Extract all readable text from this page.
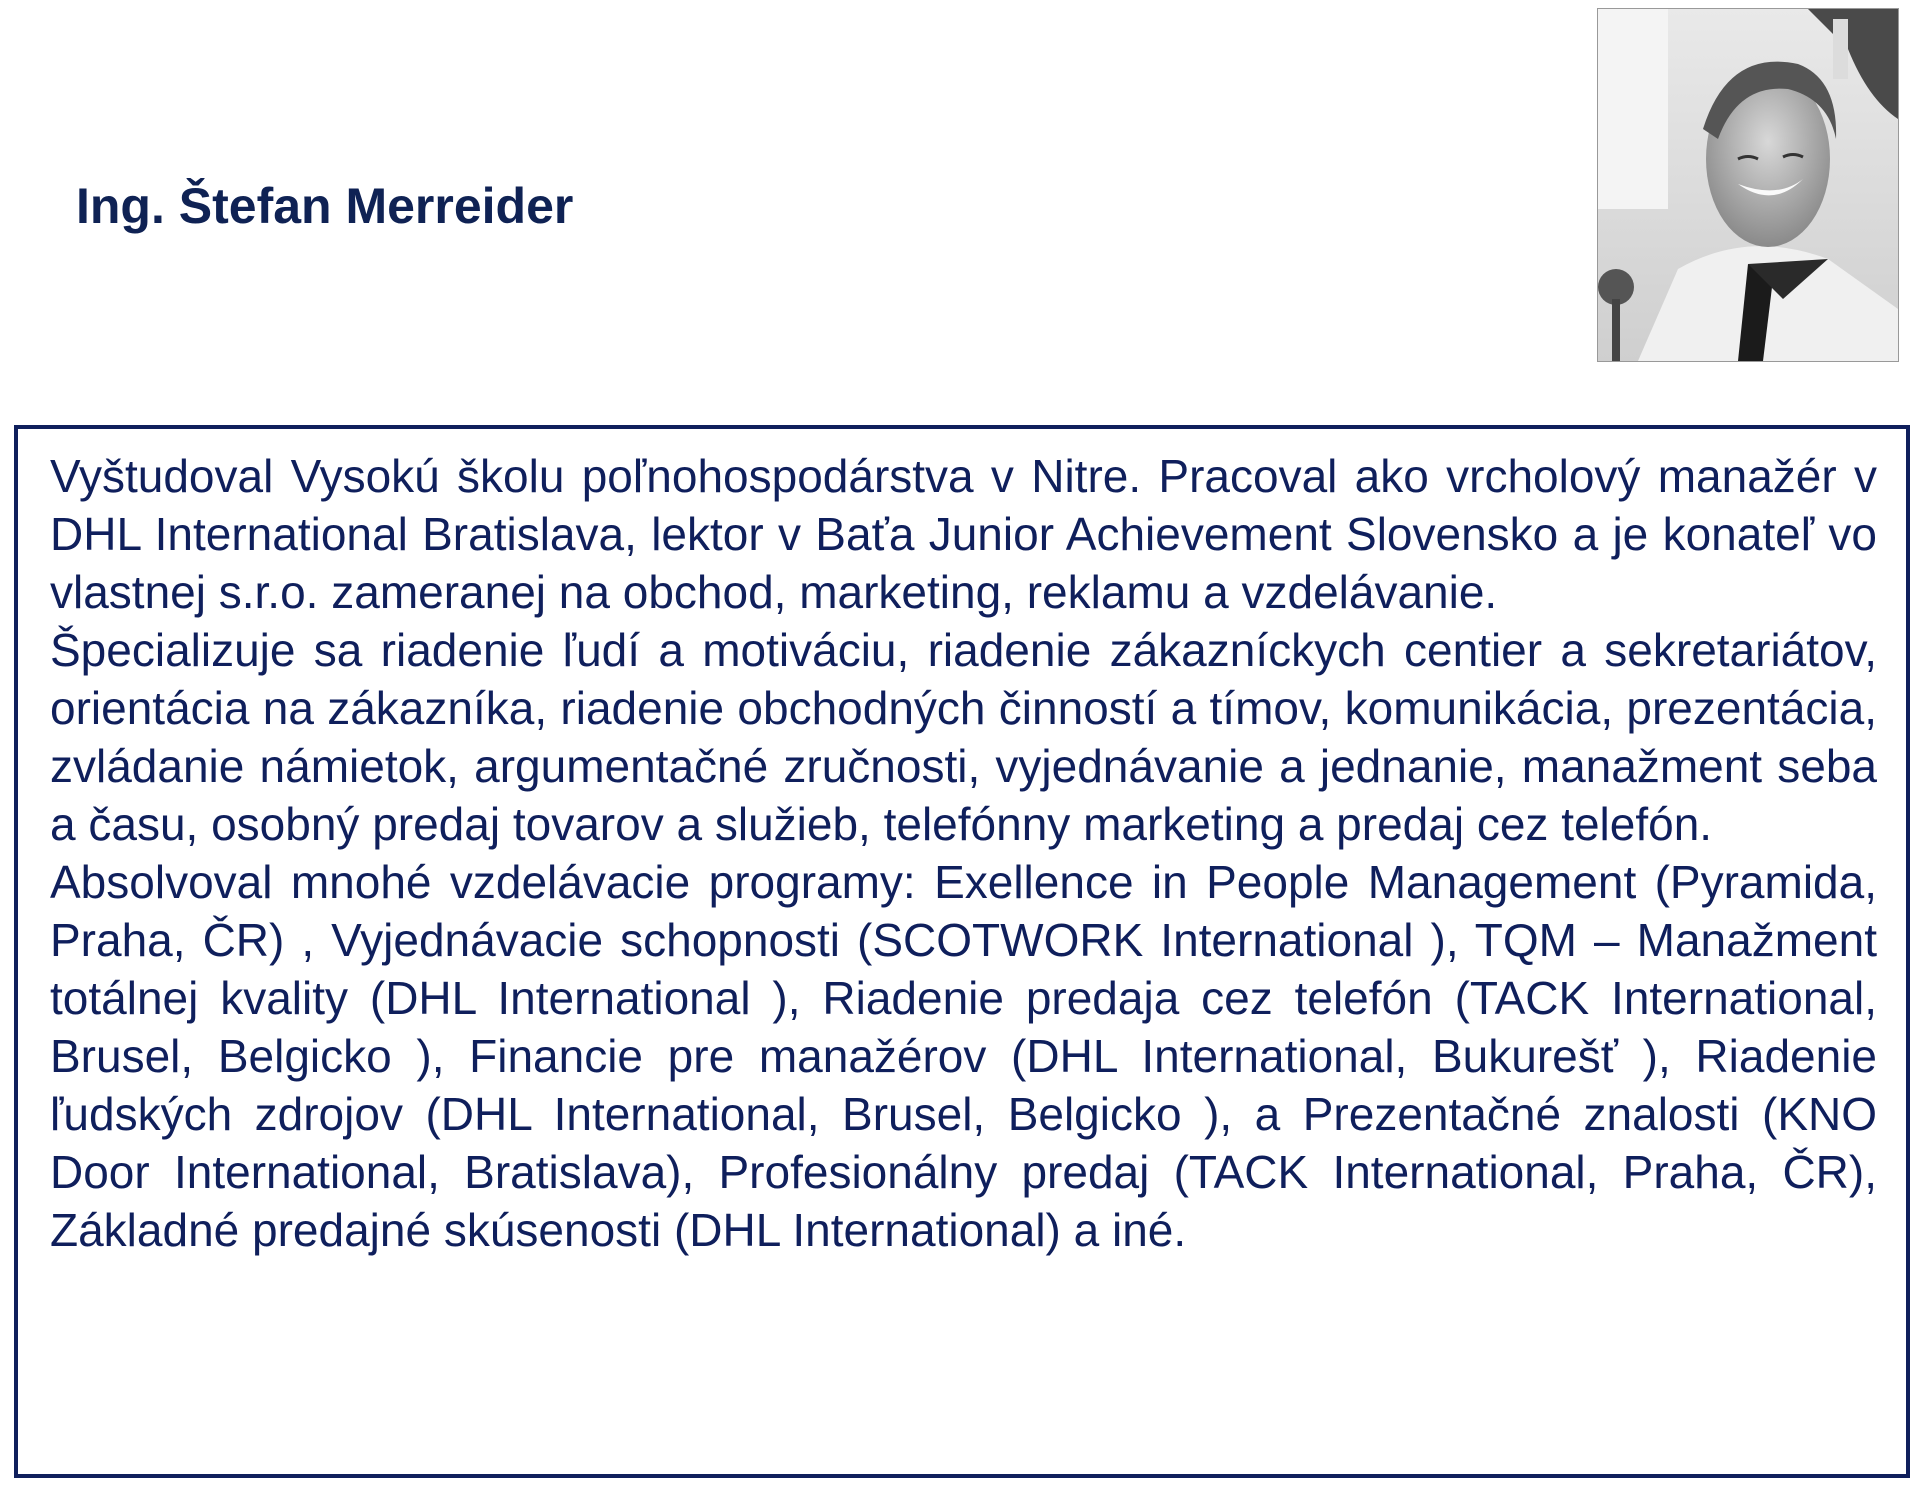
Ing. Štefan Merreider

Vyštudoval Vysokú školu poľnohospodárstva v Nitre. Pracoval ako vrcholový manažér v DHL International Bratislava, lektor v Baťa Junior Achievement Slovensko a je konateľ vo vlastnej s.r.o. zameranej na obchod, marketing, reklamu a vzdelávanie.

Špecializuje sa riadenie ľudí a motiváciu, riadenie zákazníckych centier a sekretariátov, orientácia na zákazníka, riadenie obchodných činností a tímov, komunikácia, prezentácia, zvládanie námietok, argumentačné zručnosti, vyjednávanie a jednanie, manažment seba a času, osobný predaj tovarov a služieb, telefónny marketing a predaj cez telefón.

Absolvoval mnohé vzdelávacie programy: Exellence in People Management (Pyramida, Praha, ČR) , Vyjednávacie schopnosti (SCOTWORK International ), TQM – Manažment totálnej kvality (DHL International ), Riadenie predaja cez telefón (TACK International, Brusel, Belgicko ), Financie pre manažérov (DHL International, Bukurešť ), Riadenie ľudských zdrojov (DHL International, Brusel, Belgicko ), a Prezentačné znalosti (KNO Door International, Bratislava), Profesionálny predaj (TACK International, Praha, ČR), Základné predajné skúsenosti (DHL International) a iné.
